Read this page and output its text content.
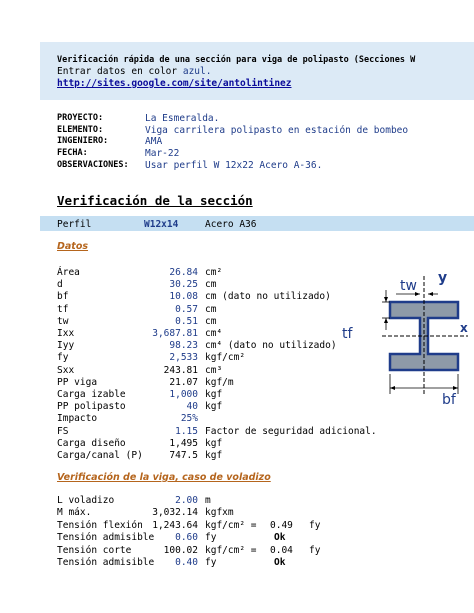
Verificación rápida de una sección para viga de polipasto (Secciones W
Entrar datos en color azul.
http://sites.google.com/site/antolintinez
PROYECTO:	La Esmeralda.
ELEMENTO:	Viga carrilera polipasto en estación de bombeo
INGENIERO:	AMA
FECHA:	Mar-22
OBSERVACIONES: Usar perfil W 12x22 Acero A-36.
Verificación de la sección
Perfil	W12x14	Acero A36
Datos
Área	26.84 cm²
d	30.25 cm
bf	10.08 cm (dato no utilizado)
tf	0.57 cm
tw	0.51 cm
Ixx	3,687.81 cm⁴
Iyy	98.23 cm⁴ (dato no utilizado)
fy	2,533 kgf/cm²
Sxx	243.81 cm³
PP viga	21.07 kgf/m
Carga izable	1,000 kgf
PP polipasto	40 kgf
Impacto	25%
FS	1.15 Factor de seguridad adicional.
Carga diseño	1,495 kgf
Carga/canal (P)	747.5 kgf
Verificación de la viga, caso de voladizo
L voladizo	2.00 m
M máx.	3,032.14 kgfxm
Tensión flexión 1,243.64 kgf/cm² = 0.49 fy
Tensión admisible	0.60 fy	Ok
Tensión corte	100.02 kgf/cm² = 0.04 fy
Tensión admisible	0.40 fy	Ok
y
x
tw
tf
bf
